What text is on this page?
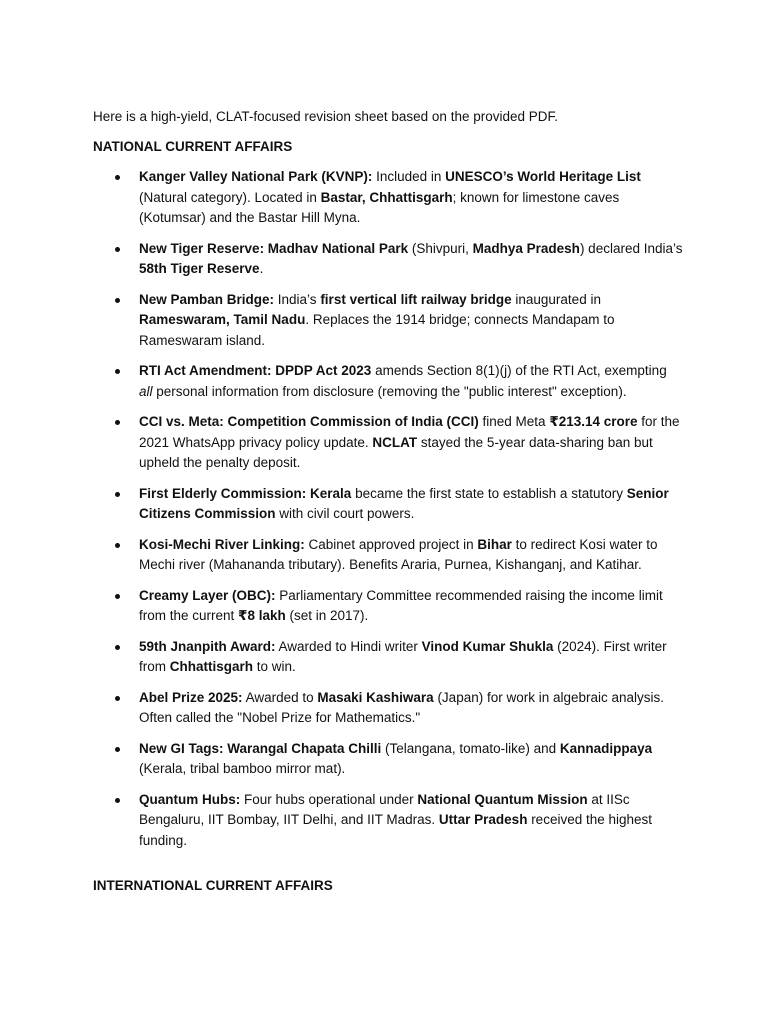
Here is a high-yield, CLAT-focused revision sheet based on the provided PDF.

NATIONAL CURRENT AFFAIRS
Kanger Valley National Park (KVNP): Included in UNESCO’s World Heritage List (Natural category). Located in Bastar, Chhattisgarh; known for limestone caves (Kotumsar) and the Bastar Hill Myna.
New Tiger Reserve: Madhav National Park (Shivpuri, Madhya Pradesh) declared India’s 58th Tiger Reserve.
New Pamban Bridge: India’s first vertical lift railway bridge inaugurated in Rameswaram, Tamil Nadu. Replaces the 1914 bridge; connects Mandapam to Rameswaram island.
RTI Act Amendment: DPDP Act 2023 amends Section 8(1)(j) of the RTI Act, exempting all personal information from disclosure (removing the "public interest" exception).
CCI vs. Meta: Competition Commission of India (CCI) fined Meta ₹213.14 crore for the 2021 WhatsApp privacy policy update. NCLAT stayed the 5-year data-sharing ban but upheld the penalty deposit.
First Elderly Commission: Kerala became the first state to establish a statutory Senior Citizens Commission with civil court powers.
Kosi-Mechi River Linking: Cabinet approved project in Bihar to redirect Kosi water to Mechi river (Mahananda tributary). Benefits Araria, Purnea, Kishanganj, and Katihar.
Creamy Layer (OBC): Parliamentary Committee recommended raising the income limit from the current ₹8 lakh (set in 2017).
59th Jnanpith Award: Awarded to Hindi writer Vinod Kumar Shukla (2024). First writer from Chhattisgarh to win.
Abel Prize 2025: Awarded to Masaki Kashiwara (Japan) for work in algebraic analysis. Often called the "Nobel Prize for Mathematics."
New GI Tags: Warangal Chapata Chilli (Telangana, tomato-like) and Kannadippaya (Kerala, tribal bamboo mirror mat).
Quantum Hubs: Four hubs operational under National Quantum Mission at IISc Bengaluru, IIT Bombay, IIT Delhi, and IIT Madras. Uttar Pradesh received the highest funding.
INTERNATIONAL CURRENT AFFAIRS
